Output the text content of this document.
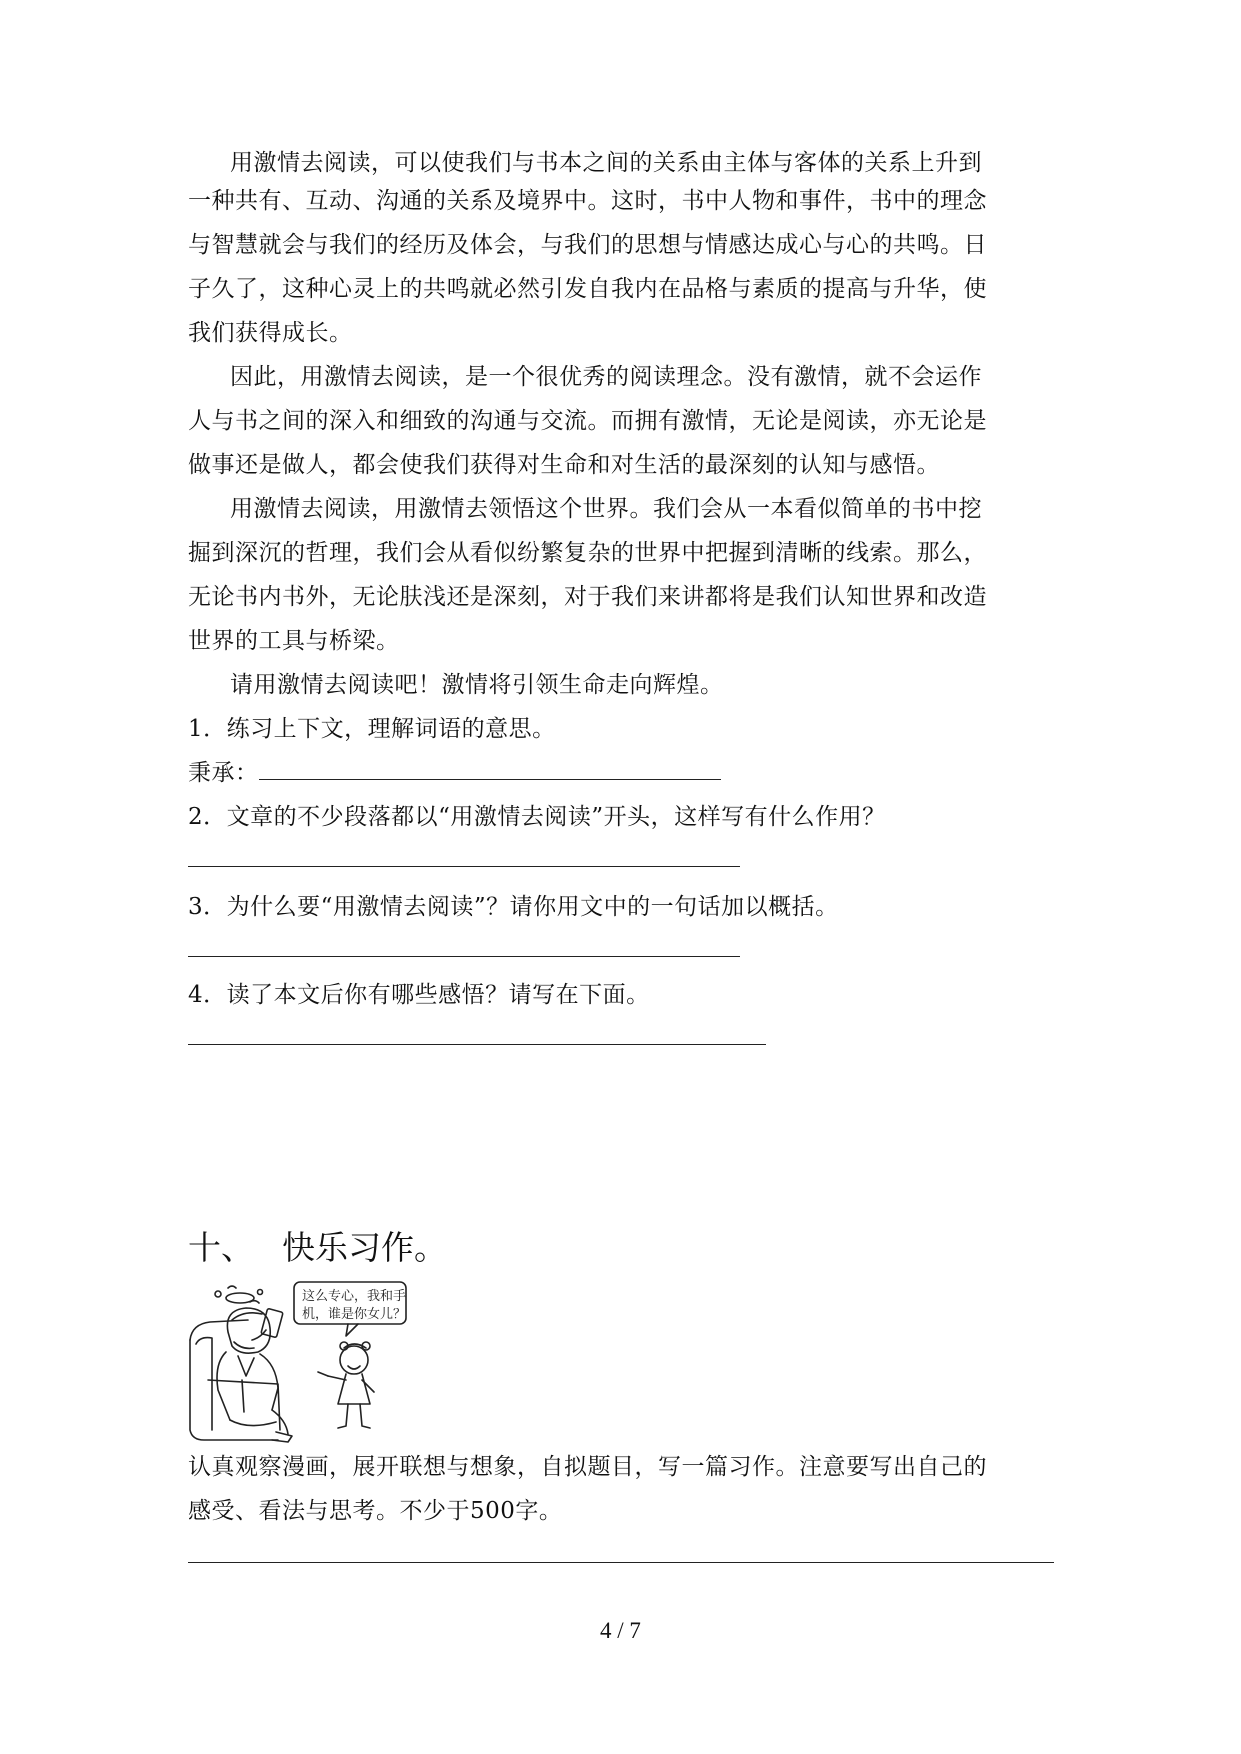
用激情去阅读，可以使我们与书本之间的关系由主体与客体的关系上升到
一种共有、互动、沟通的关系及境界中。这时，书中人物和事件，书中的理念
与智慧就会与我们的经历及体会，与我们的思想与情感达成心与心的共鸣。日
子久了，这种心灵上的共鸣就必然引发自我内在品格与素质的提高与升华，使
我们获得成长。
因此，用激情去阅读，是一个很优秀的阅读理念。没有激情，就不会运作
人与书之间的深入和细致的沟通与交流。而拥有激情，无论是阅读，亦无论是
做事还是做人，都会使我们获得对生命和对生活的最深刻的认知与感悟。
用激情去阅读，用激情去领悟这个世界。我们会从一本看似简单的书中挖
掘到深沉的哲理，我们会从看似纷繁复杂的世界中把握到清晰的线索。那么，
无论书内书外，无论肤浅还是深刻，对于我们来讲都将是我们认知世界和改造
世界的工具与桥梁。
请用激情去阅读吧！激情将引领生命走向辉煌。
1．练习上下文，理解词语的意思。
秉承：
2．文章的不少段落都以“用激情去阅读”开头，这样写有什么作用？
3．为什么要“用激情去阅读”？请你用文中的一句话加以概括。
4．读了本文后你有哪些感悟？请写在下面。
十、 快乐习作。
这么专心，我和手
机，谁是你女儿？
认真观察漫画，展开联想与想象，自拟题目，写一篇习作。注意要写出自己的
感受、看法与思考。不少于500字。
4 / 7
